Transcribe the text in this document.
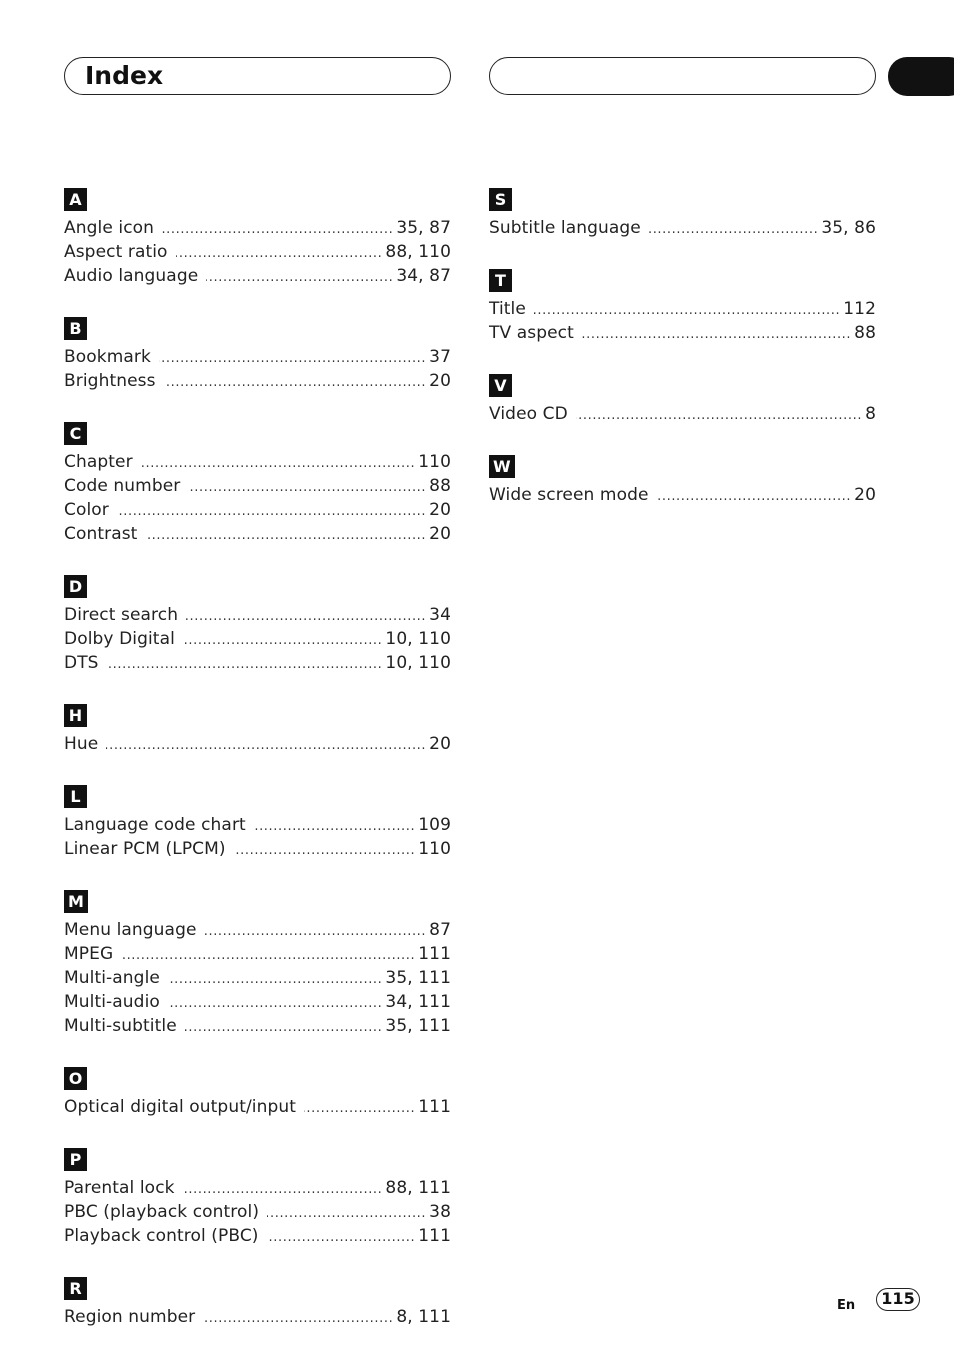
Index
A
Angle icon .....	35, 87
Aspect ratio .....	88, 110
Audio language .....	34, 87
B
Bookmark .....	37
Brightness .....	20
C
Chapter .....	110
Code number .....	88
Color .....	20
Contrast .....	20
D
Direct search .....	34
Dolby Digital .....	10, 110
DTS .....	10, 110
H
Hue .....	20
L
Language code chart .....	109
Linear PCM (LPCM) .....	110
M
Menu language .....	87
MPEG .....	111
Multi-angle .....	35, 111
Multi-audio .....	34, 111
Multi-subtitle .....	35, 111
O
Optical digital output/input .....	111
P
Parental lock .....	88, 111
PBC (playback control) .....	38
Playback control (PBC) .....	111
R
Region number .....	8, 111
S
Subtitle language .....	35, 86
T
Title .....	112
TV aspect .....	88
V
Video CD .....	8
W
Wide screen mode .....	20
En	115
